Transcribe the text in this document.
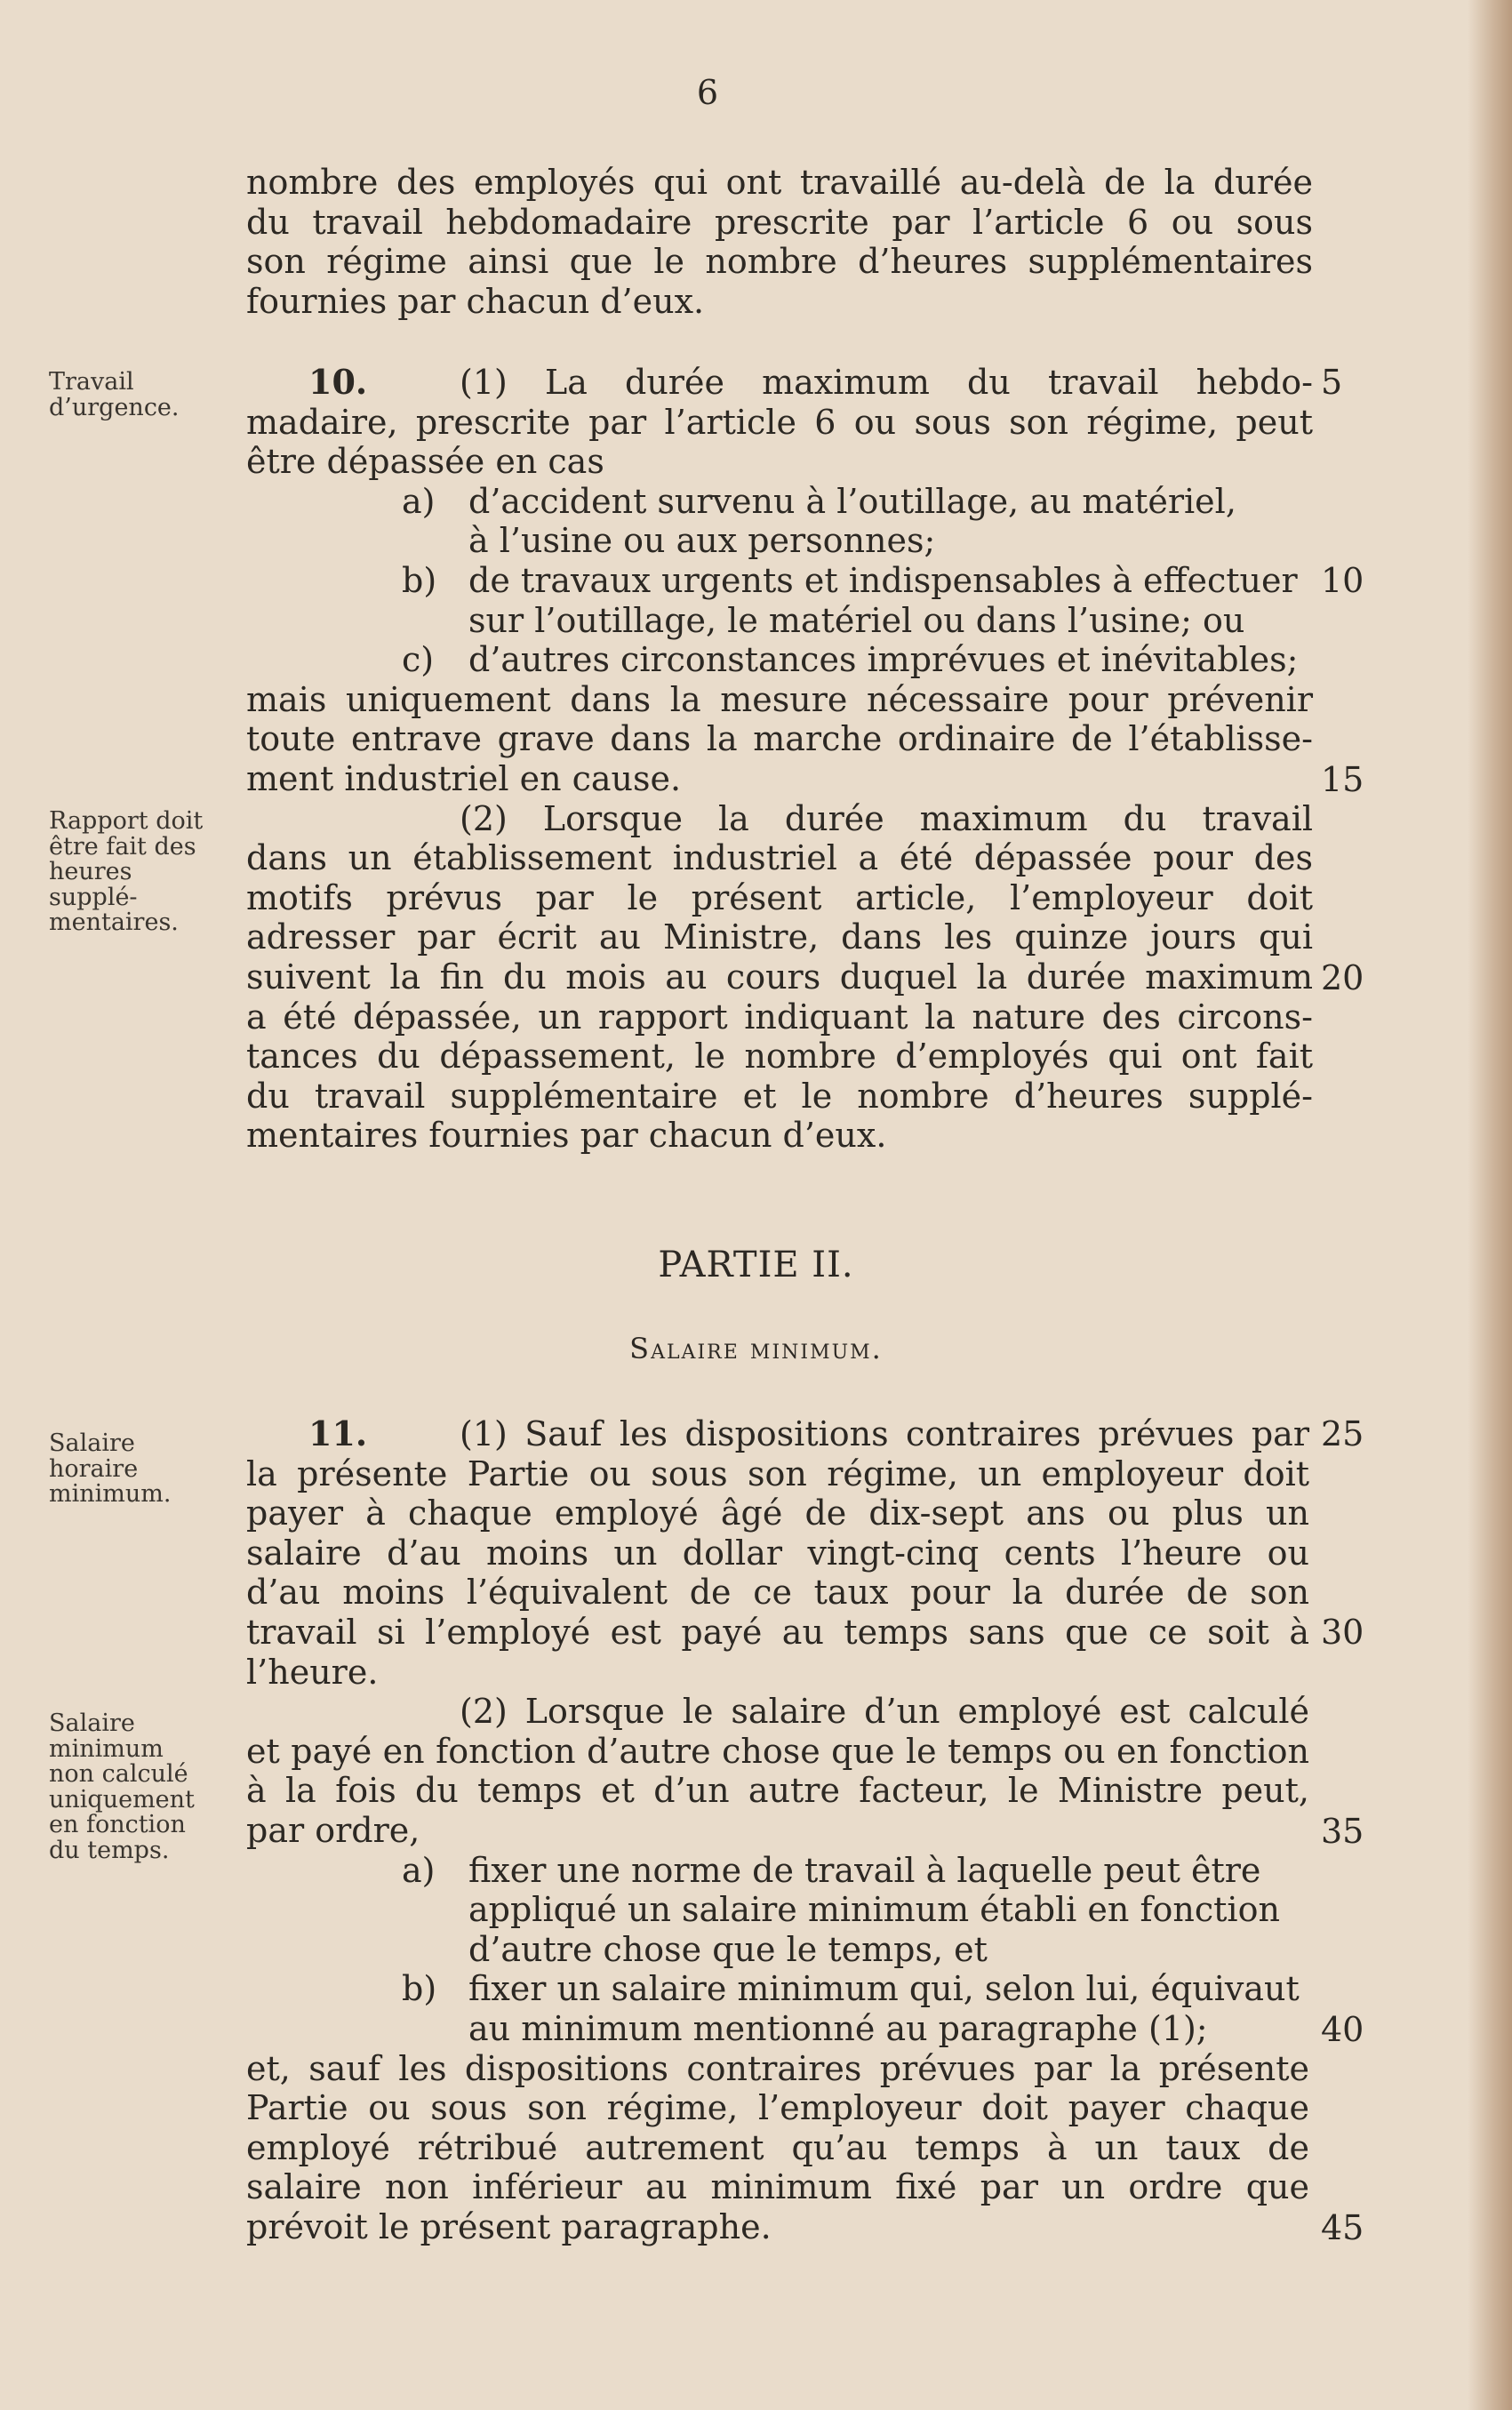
6
nombre des employés qui ont travaillé au-delà de la durée
du travail hebdomadaire prescrite par l’article 6 ou sous
son régime ainsi que le nombre d’heures supplémentaires
fournies par chacun d’eux.
Travail d’urgence.
Rapport doit être fait des heures supplé- mentaires.
Salaire horaire minimum.
Salaire minimum non calculé uniquement en fonction du temps.
10.	(1) La durée maximum du travail hebdo-
madaire, prescrite par l’article 6 ou sous son régime, peut
être dépassée en cas
a) d’accident survenu à l’outillage, au matériel,
à l’usine ou aux personnes;
b) de travaux urgents et indispensables à effectuer
sur l’outillage, le matériel ou dans l’usine; ou
c) d’autres circonstances imprévues et inévitables;
mais uniquement dans la mesure nécessaire pour prévenir
toute entrave grave dans la marche ordinaire de l’établisse-
ment industriel en cause.
(2) Lorsque la durée maximum du travail
dans un établissement industriel a été dépassée pour des
motifs prévus par le présent article, l’employeur doit
adresser par écrit au Ministre, dans les quinze jours qui
suivent la fin du mois au cours duquel la durée maximum
a été dépassée, un rapport indiquant la nature des circons-
tances du dépassement, le nombre d’employés qui ont fait
du travail supplémentaire et le nombre d’heures supplé-
mentaires fournies par chacun d’eux.
PARTIE II.
Salaire minimum.
11.	(1) Sauf les dispositions contraires prévues par
la présente Partie ou sous son régime, un employeur doit
payer à chaque employé âgé de dix-sept ans ou plus un
salaire d’au moins un dollar vingt-cinq cents l’heure ou
d’au moins l’équivalent de ce taux pour la durée de son
travail si l’employé est payé au temps sans que ce soit à
l’heure.
(2) Lorsque le salaire d’un employé est calculé
et payé en fonction d’autre chose que le temps ou en fonction
à la fois du temps et d’un autre facteur, le Ministre peut,
par ordre,
a) fixer une norme de travail à laquelle peut être
appliqué un salaire minimum établi en fonction
d’autre chose que le temps, et
b) fixer un salaire minimum qui, selon lui, équivaut
au minimum mentionné au paragraphe (1);
et, sauf les dispositions contraires prévues par la présente
Partie ou sous son régime, l’employeur doit payer chaque
employé rétribué autrement qu’au temps à un taux de
salaire non inférieur au minimum fixé par un ordre que
prévoit le présent paragraphe.
5
10
15
20
25
30
35
40
45
